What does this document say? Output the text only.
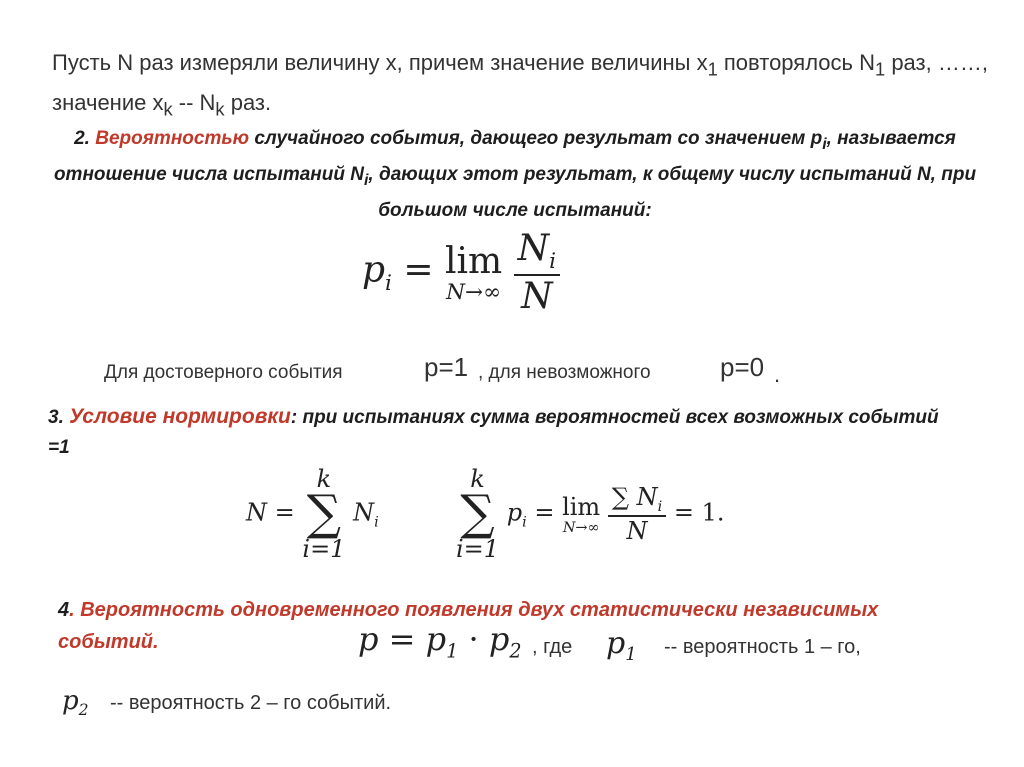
Пусть N раз измеряли величину x, причем значение величины $x_1$ повторялось $N_1$ раз, ……, значение $x_k -- N_k$ раз.
2. Вероятностью случайного события, дающего результат со значением $p_i$, называется отношение числа испытаний $N_i$, дающих этот результат, к общему числу испытаний N, при большом числе испытаний:
$p_i = \lim$
N→∞
$\frac{N_i}{N}$
Для достоверного события	р=1 , для невозможного	р=0 .
3. Условие нормировки: при испытаниях сумма вероятностей всех возможных событий =1
N =
k
∑
i=1
$N_i$
k
∑
i=1
$p_i = \lim$
N→∞
$\frac{\sum N_i}{N} = 1$.
4. Вероятность одновременного появления двух статистически независимых событий.	$p = p_1 \cdot p_2$ , где $p_1$ -- вероятность 1 – го,
$p_2$ -- вероятность 2 – го событий.
